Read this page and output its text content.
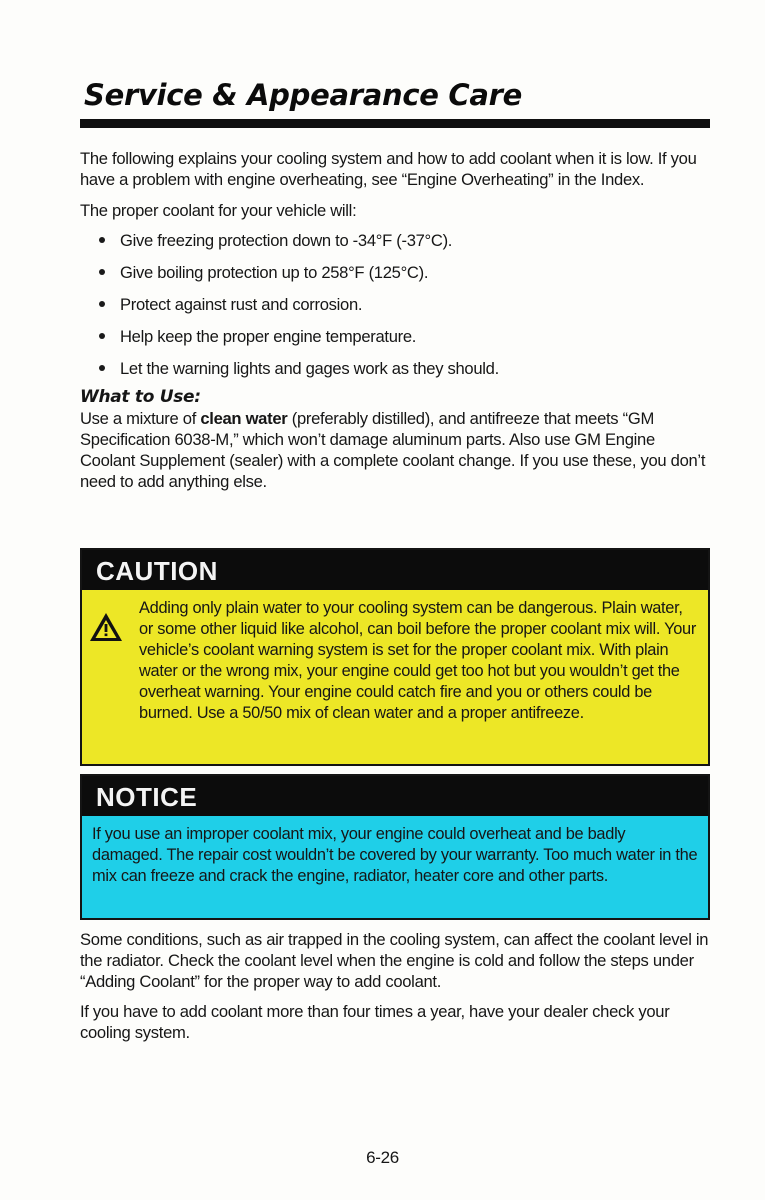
Service & Appearance Care

The following explains your cooling system and how to add coolant when it is low. If you have a problem with engine overheating, see “Engine Overheating” in the Index.

The proper coolant for your vehicle will:

Give freezing protection down to -34°F (-37°C).
Give boiling protection up to 258°F (125°C).
Protect against rust and corrosion.
Help keep the proper engine temperature.
Let the warning lights and gages work as they should.

What to Use:

Use a mixture of clean water (preferably distilled), and antifreeze that meets “GM Specification 6038-M,” which won’t damage aluminum parts. Also use GM Engine Coolant Supplement (sealer) with a complete coolant change. If you use these, you don’t need to add anything else.

CAUTION

Adding only plain water to your cooling system can be dangerous. Plain water, or some other liquid like alcohol, can boil before the proper coolant mix will. Your vehicle’s coolant warning system is set for the proper coolant mix. With plain water or the wrong mix, your engine could get too hot but you wouldn’t get the overheat warning. Your engine could catch fire and you or others could be burned. Use a 50/50 mix of clean water and a proper antifreeze.

NOTICE

If you use an improper coolant mix, your engine could overheat and be badly damaged. The repair cost wouldn’t be covered by your warranty. Too much water in the mix can freeze and crack the engine, radiator, heater core and other parts.

Some conditions, such as air trapped in the cooling system, can affect the coolant level in the radiator. Check the coolant level when the engine is cold and follow the steps under “Adding Coolant” for the proper way to add coolant.

If you have to add coolant more than four times a year, have your dealer check your cooling system.

6-26
